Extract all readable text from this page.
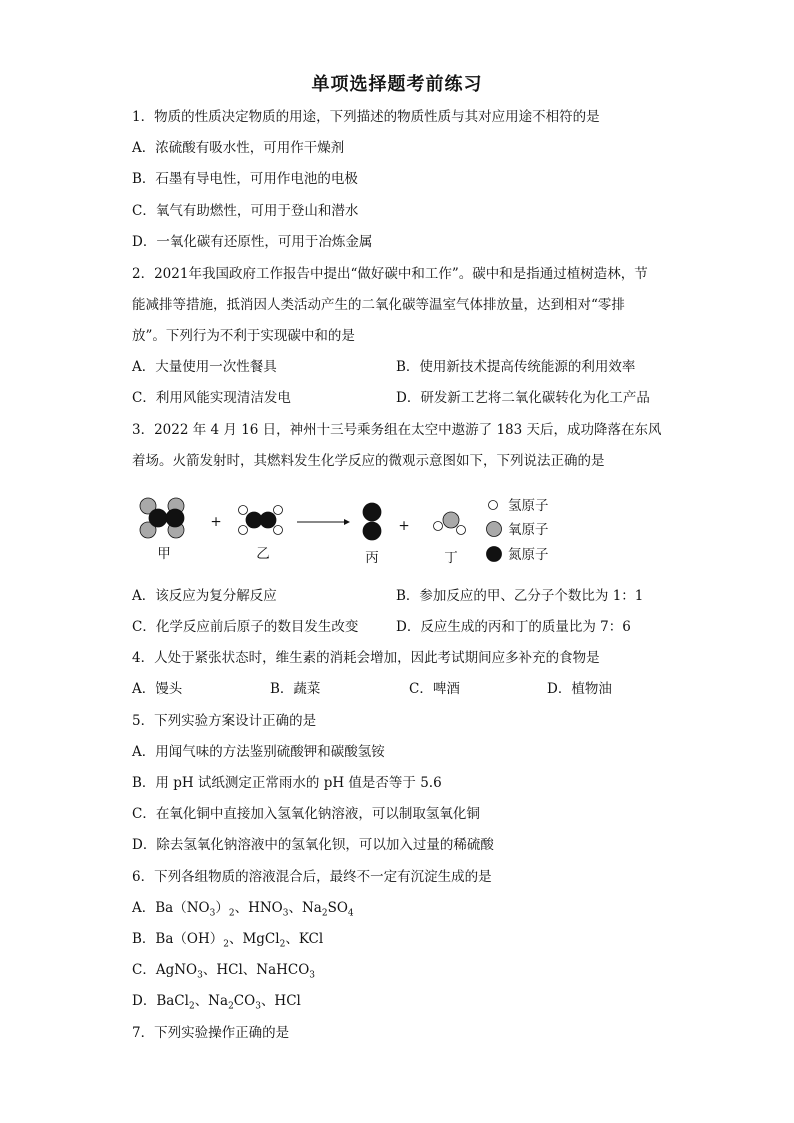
单项选择题考前练习
1．物质的性质决定物质的用途，下列描述的物质性质与其对应用途不相符的是
A．浓硫酸有吸水性，可用作干燥剂
B．石墨有导电性，可用作电池的电极
C．氧气有助燃性，可用于登山和潜水
D．一氧化碳有还原性，可用于冶炼金属
2．2021年我国政府工作报告中提出“做好碳中和工作”。碳中和是指通过植树造林，节
能减排等措施，抵消因人类活动产生的二氧化碳等温室气体排放量，达到相对“零排
放”。下列行为不利于实现碳中和的是
A．大量使用一次性餐具	B．使用新技术提高传统能源的利用效率
C．利用风能实现清洁发电	D．研发新工艺将二氧化碳转化为化工产品
3．2022 年 4 月 16 日，神州十三号乘务组在太空中遨游了 183 天后，成功降落在东风
着场。火箭发射时，其燃料发生化学反应的微观示意图如下，下列说法正确的是
甲
+
乙	丙
+
丁
氢原子
氧原子
氮原子
A．该反应为复分解反应	B．参加反应的甲、乙分子个数比为 1：1
C．化学反应前后原子的数目发生改变	D．反应生成的丙和丁的质量比为 7：6
4．人处于紧张状态时，维生素的消耗会增加，因此考试期间应多补充的食物是
A．馒头	B．蔬菜	C．啤酒	D．植物油
5．下列实验方案设计正确的是
A．用闻气味的方法鉴别硫酸钾和碳酸氢铵
B．用 pH 试纸测定正常雨水的 pH 值是否等于 5.6
C．在氧化铜中直接加入氢氧化钠溶液，可以制取氢氧化铜
D．除去氢氧化钠溶液中的氢氧化钡，可以加入过量的稀硫酸
6．下列各组物质的溶液混合后，最终不一定有沉淀生成的是
A．$Ba(NO_3)_2$、$HNO_3$、$Na_2SO_4$
B．$Ba(OH)_2$、MgCl$_2$、KCl
C．AgNO$_3$、HCl、NaHCO$_3$
D．BaCl$_2$、$Na_2CO_3$、HCl
7．下列实验操作正确的是
